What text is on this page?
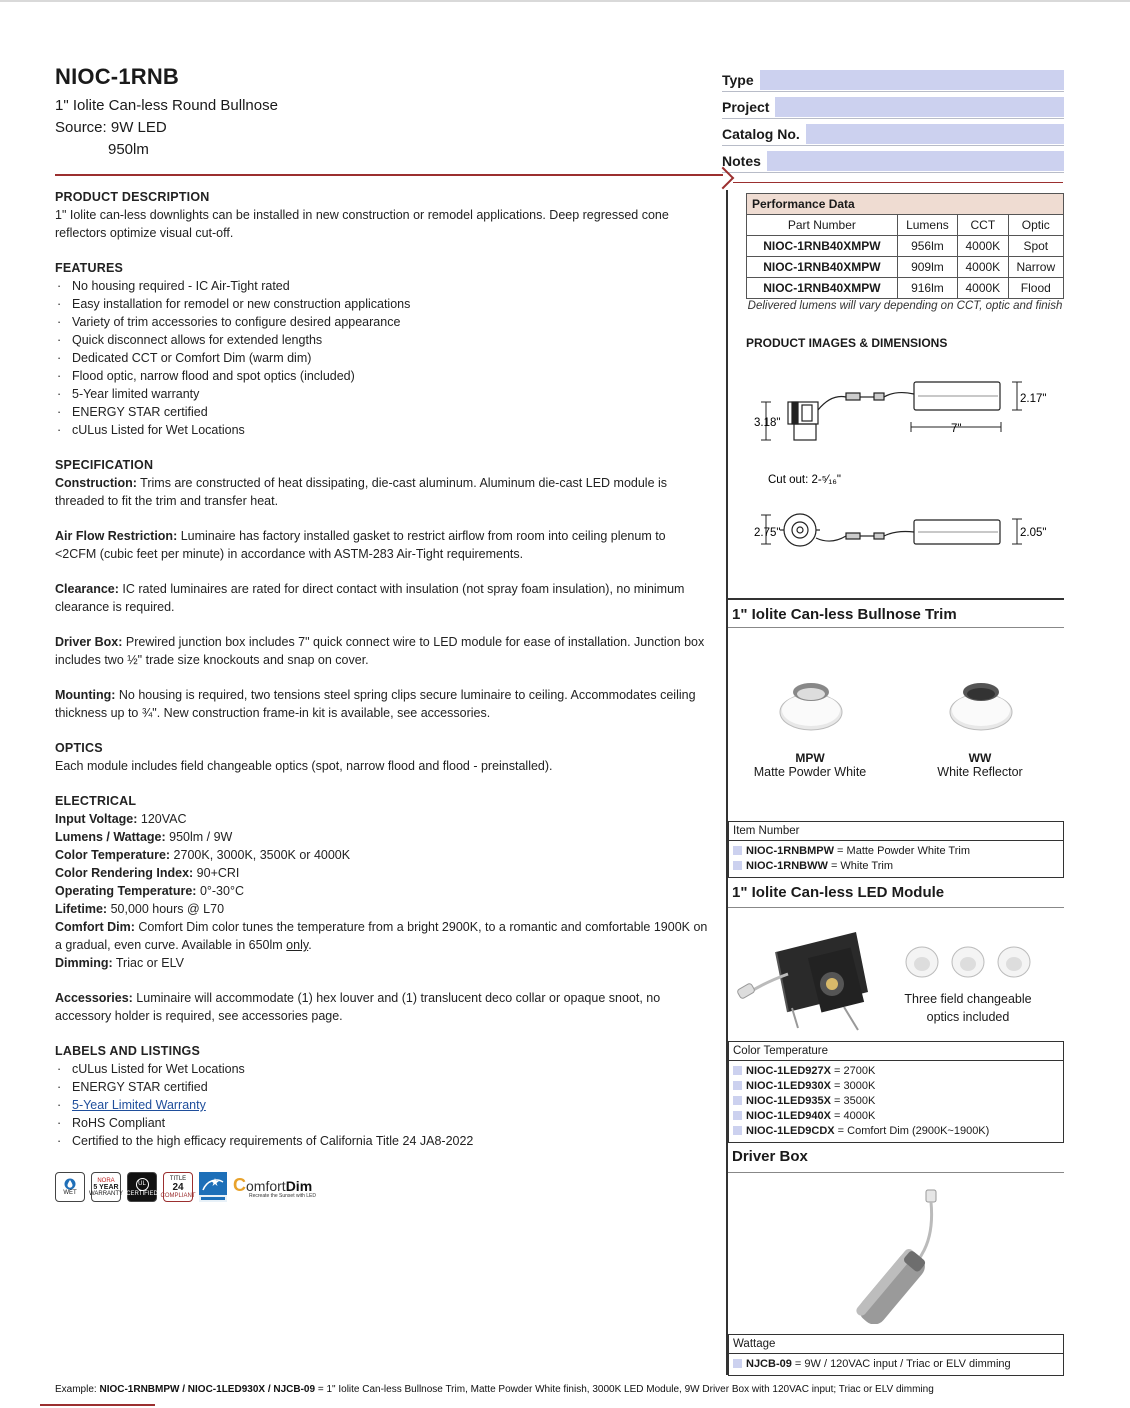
NIOC-1RNB
1" Iolite Can-less Round Bullnose
Source: 9W LED
950lm
Type
Project
Catalog No.
Notes
PRODUCT DESCRIPTION
1" Iolite can-less downlights can be installed in new construction or remodel applications. Deep regressed cone reflectors optimize visual cut-off.
FEATURES
· No housing required - IC Air-Tight rated
· Easy installation for remodel or new construction applications
· Variety of trim accessories to configure desired appearance
· Quick disconnect allows for extended lengths
· Dedicated CCT or Comfort Dim (warm dim)
· Flood optic, narrow flood and spot optics (included)
· 5-Year limited warranty
· ENERGY STAR certified
· cULus Listed for Wet Locations
SPECIFICATION
Construction: Trims are constructed of heat dissipating, die-cast aluminum. Aluminum die-cast LED module is threaded to fit the trim and transfer heat.
Air Flow Restriction: Luminaire has factory installed gasket to restrict airflow from room into ceiling plenum to <2CFM (cubic feet per minute) in accordance with ASTM-283 Air-Tight requirements.
Clearance: IC rated luminaires are rated for direct contact with insulation (not spray foam insulation), no minimum clearance is required.
Driver Box: Prewired junction box includes 7" quick connect wire to LED module for ease of installation. Junction box includes two ½" trade size knockouts and snap on cover.
Mounting: No housing is required, two tensions steel spring clips secure luminaire to ceiling. Accommodates ceiling thickness up to ¾". New construction frame-in kit is available, see accessories.
OPTICS
Each module includes field changeable optics (spot, narrow flood and flood - preinstalled).
ELECTRICAL
Input Voltage: 120VAC
Lumens / Wattage: 950lm / 9W
Color Temperature: 2700K, 3000K, 3500K or 4000K
Color Rendering Index: 90+CRI
Operating Temperature: 0°-30°C
Lifetime: 50,000 hours @ L70
Comfort Dim: Comfort Dim color tunes the temperature from a bright 2900K, to a romantic and comfortable 1900K on a gradual, even curve. Available in 650lm only.
Dimming: Triac or ELV
Accessories: Luminaire will accommodate (1) hex louver and (1) translucent deco collar or opaque snoot, no accessory holder is required, see accessories page.
LABELS AND LISTINGS
· cULus Listed for Wet Locations
· ENERGY STAR certified
· 5-Year Limited Warranty
· RoHS Compliant
· Certified to the high efficacy requirements of California Title 24 JA8-2022
WET
NORA
5 YEAR
WARRANTY
UL
CERTIFIED
TITLE
24
COMPLIANT
ComfortDim
Recreate the Sunset with LED
Performance Data			
Part Number	Lumens	CCT	Optic
NIOC-1RNB40XMPW	956lm	4000K	Spot
NIOC-1RNB40XMPW	909lm	4000K	Narrow
NIOC-1RNB40XMPW	916lm	4000K	Flood
Delivered lumens will vary depending on CCT, optic and finish
PRODUCT IMAGES & DIMENSIONS
3.18"	7"
2.17"
Cut out: 2-⁵⁄₁₆"
2.75"	2.05"
1" Iolite Can-less Bullnose Trim
MPW
Matte Powder White
WW
White Reflector
Item Number
NIOC-1RNBMPW = Matte Powder White Trim
NIOC-1RNBWW = White Trim
1" Iolite Can-less LED Module
Three field changeable
optics included
Color Temperature
NIOC-1LED927X = 2700K
NIOC-1LED930X = 3000K
NIOC-1LED935X = 3500K
NIOC-1LED940X = 4000K
NIOC-1LED9CDX = Comfort Dim (2900K~1900K)
Driver Box
Wattage
NJCB-09 = 9W / 120VAC input / Triac or ELV dimming
Example: NIOC-1RNBMPW / NIOC-1LED930X / NJCB-09 = 1" Iolite Can-less Bullnose Trim, Matte Powder White finish, 3000K LED Module, 9W Driver Box with 120VAC input; Triac or ELV dimming
